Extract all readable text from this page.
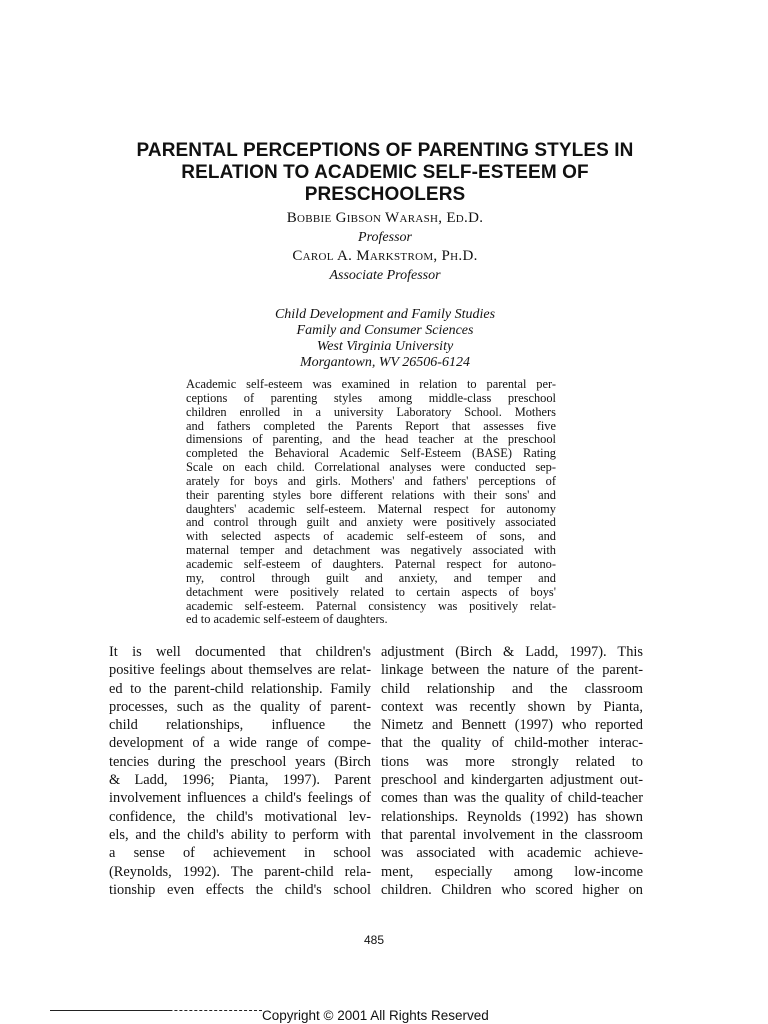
PARENTAL PERCEPTIONS OF PARENTING STYLES IN
RELATION TO ACADEMIC SELF-ESTEEM OF
PRESCHOOLERS
Bobbie Gibson Warash, Ed.D.
Professor
Carol A. Markstrom, Ph.D.
Associate Professor
Child Development and Family Studies
Family and Consumer Sciences
West Virginia University
Morgantown, WV 26506-6124
Academic self-esteem was examined in relation to parental per-
ceptions of parenting styles among middle-class preschool
children enrolled in a university Laboratory School. Mothers
and fathers completed the Parents Report that assesses five
dimensions of parenting, and the head teacher at the preschool
completed the Behavioral Academic Self-Esteem (BASE) Rating
Scale on each child. Correlational analyses were conducted sep-
arately for boys and girls. Mothers' and fathers' perceptions of
their parenting styles bore different relations with their sons' and
daughters' academic self-esteem. Maternal respect for autonomy
and control through guilt and anxiety were positively associated
with selected aspects of academic self-esteem of sons, and
maternal temper and detachment was negatively associated with
academic self-esteem of daughters. Paternal respect for autono-
my, control through guilt and anxiety, and temper and
detachment were positively related to certain aspects of boys'
academic self-esteem. Paternal consistency was positively relat-
ed to academic self-esteem of daughters.
It is well documented that children's
positive feelings about themselves are relat-
ed to the parent-child relationship. Family
processes, such as the quality of parent-
child relationships, influence the
development of a wide range of compe-
tencies during the preschool years (Birch
& Ladd, 1996; Pianta, 1997). Parent
involvement influences a child's feelings of
confidence, the child's motivational lev-
els, and the child's ability to perform with
a sense of achievement in school
(Reynolds, 1992). The parent-child rela-
tionship even effects the child's school
adjustment (Birch & Ladd, 1997). This
linkage between the nature of the parent-
child relationship and the classroom
context was recently shown by Pianta,
Nimetz and Bennett (1997) who reported
that the quality of child-mother interac-
tions was more strongly related to
preschool and kindergarten adjustment out-
comes than was the quality of child-teacher
relationships. Reynolds (1992) has shown
that parental involvement in the classroom
was associated with academic achieve-
ment, especially among low-income
children. Children who scored higher on
485
Copyright © 2001 All Rights Reserved
